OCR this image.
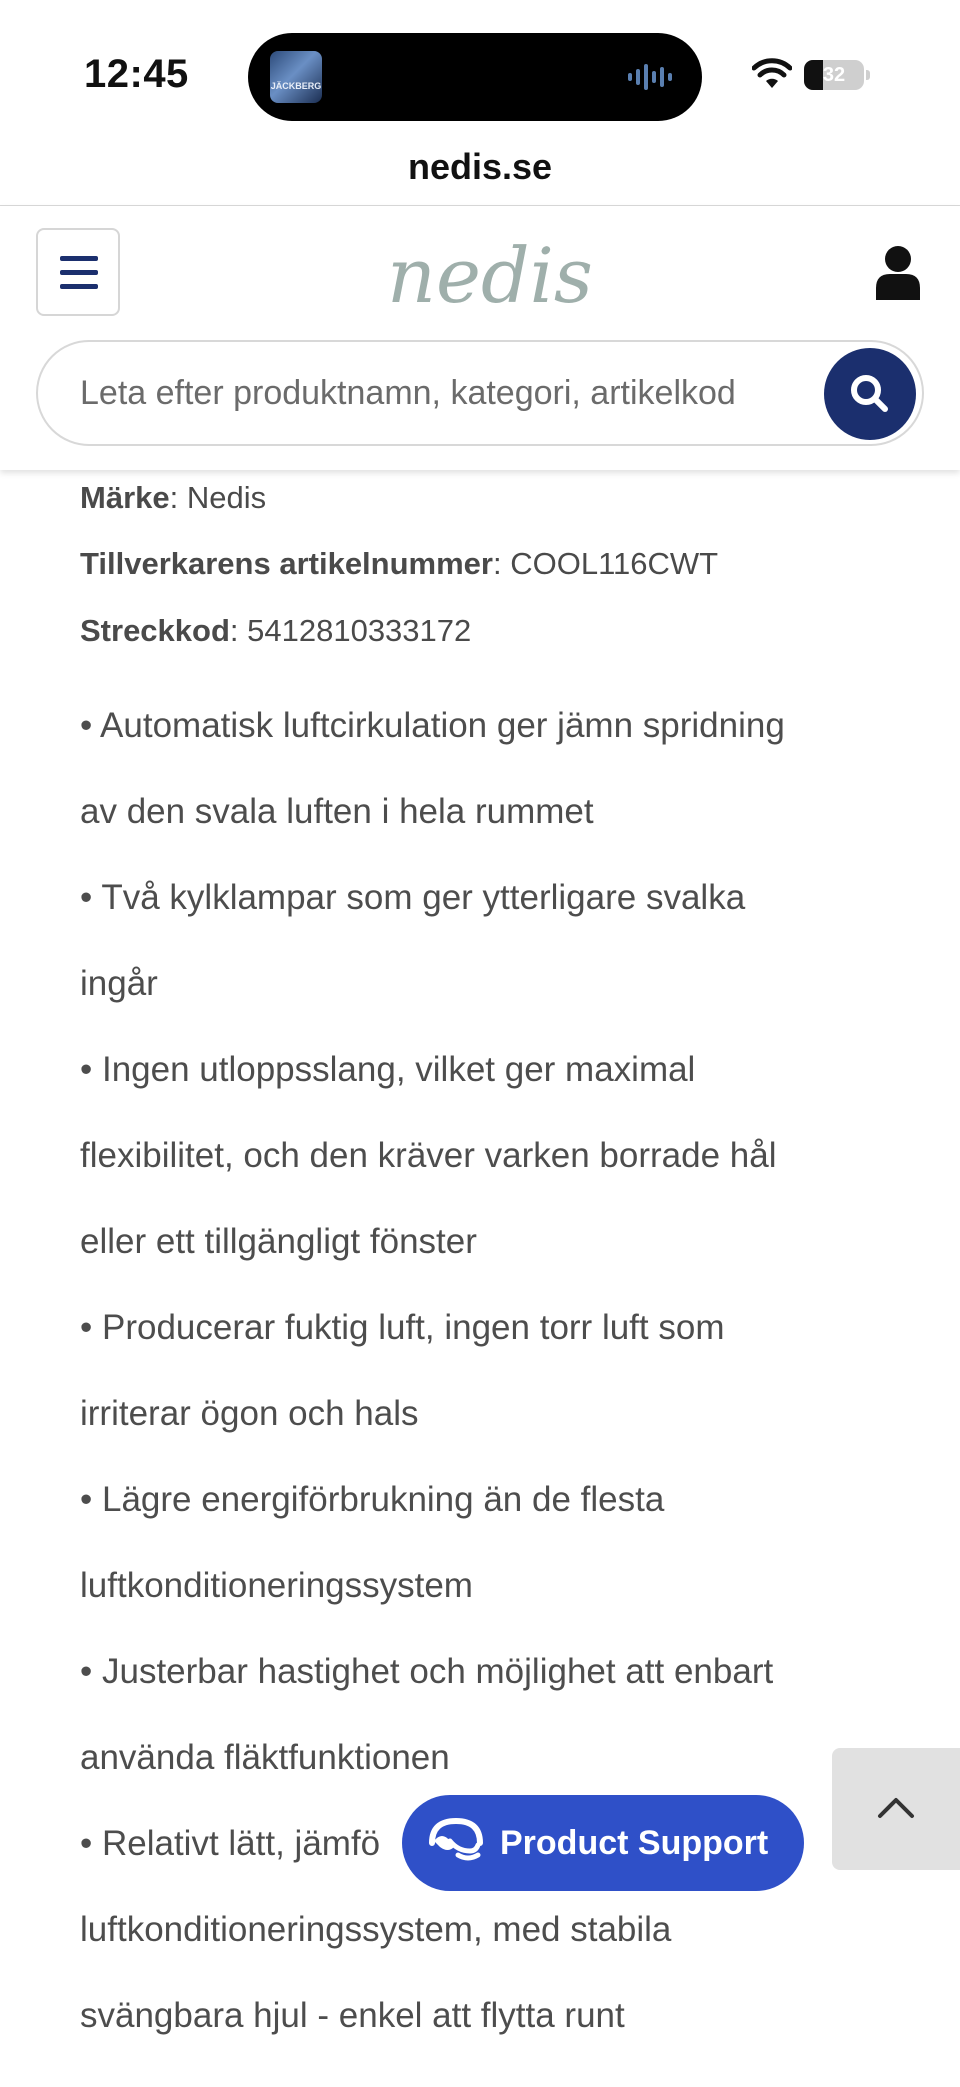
12:45	JÄCKBERG	32
nedis.se
nedis
Leta efter produktnamn, kategori, artikelkod
Märke: Nedis
Tillverkarens artikelnummer: COOL116CWT
Streckkod: 5412810333172
• Automatisk luftcirkulation ger jämn spridning
av den svala luften i hela rummet
• Två kylklampar som ger ytterligare svalka
ingår
• Ingen utloppsslang, vilket ger maximal
flexibilitet, och den kräver varken borrade hål
eller ett tillgängligt fönster
• Producerar fuktig luft, ingen torr luft som
irriterar ögon och hals
• Lägre energiförbrukning än de flesta
luftkonditioneringssystem
• Justerbar hastighet och möjlighet att enbart
använda fläktfunktionen
• Relativt lätt, jämfö
luftkonditioneringssystem, med stabila
svängbara hjul - enkel att flytta runt
Product Support
